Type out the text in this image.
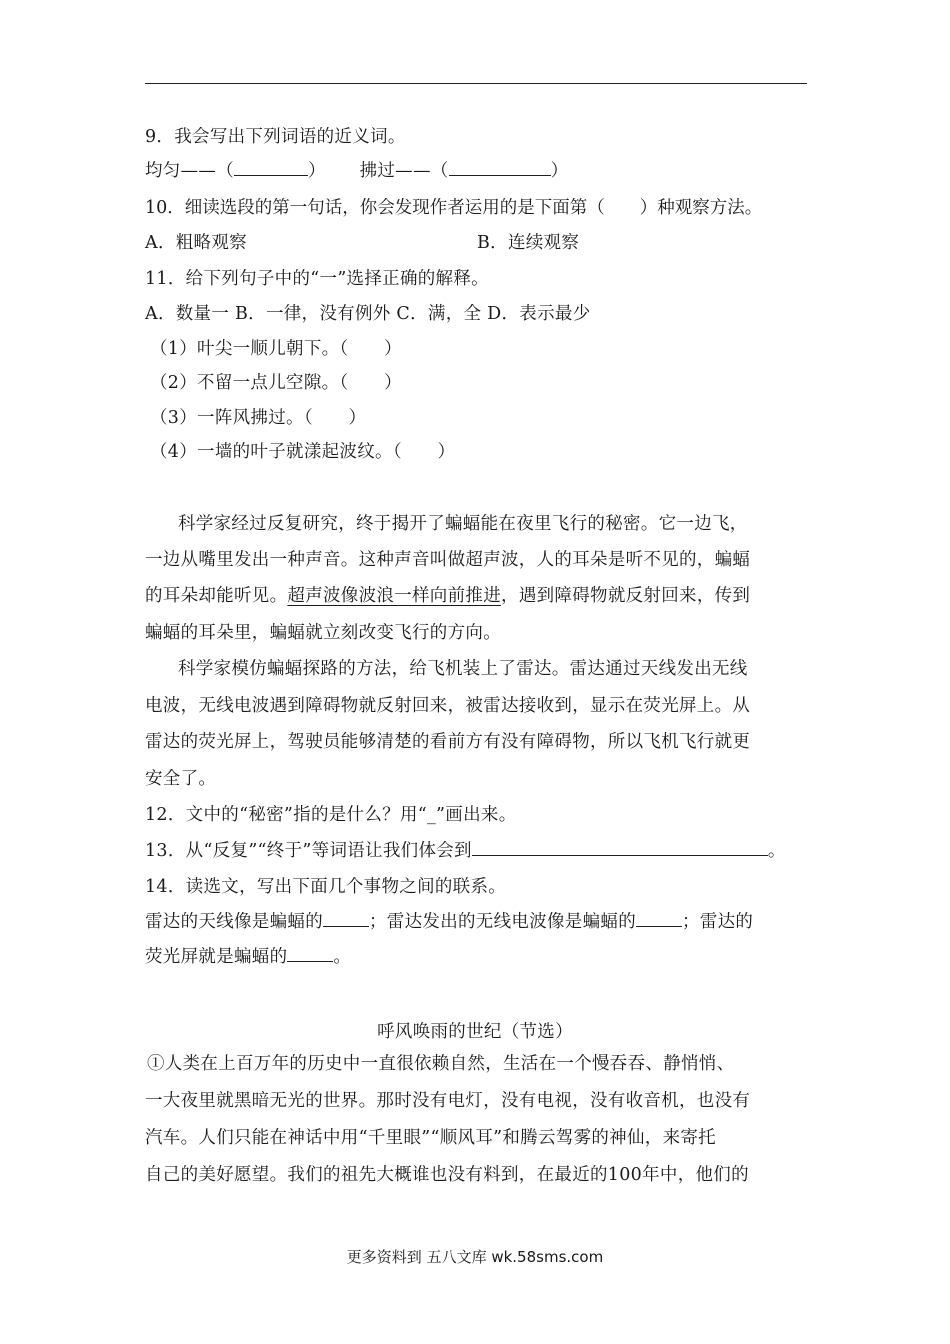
9．我会写出下列词语的近义词。
均匀——（	） 拂过——（	）
10．细读选段的第一句话，你会发现作者运用的是下面第（　　）种观察方法。
A．粗略观察	B．连续观察
11．给下列句子中的“一”选择正确的解释。
A．数量一 B．一律，没有例外 C．满，全 D．表示最少
（1）叶尖一顺儿朝下。（　　）
（2）不留一点儿空隙。（　　）
（3）一阵风拂过。（　　）
（4）一墙的叶子就漾起波纹。（　　）
科学家经过反复研究，终于揭开了蝙蝠能在夜里飞行的秘密。它一边飞，
一边从嘴里发出一种声音。这种声音叫做超声波，人的耳朵是听不见的，蝙蝠
的耳朵却能听见。超声波像波浪一样向前推进，遇到障碍物就反射回来，传到
蝙蝠的耳朵里，蝙蝠就立刻改变飞行的方向。
科学家模仿蝙蝠探路的方法，给飞机装上了雷达。雷达通过天线发出无线
电波，无线电波遇到障碍物就反射回来，被雷达接收到，显示在荧光屏上。从
雷达的荧光屏上，驾驶员能够清楚的看前方有没有障碍物，所以飞机飞行就更
安全了。
12．文中的“秘密”指的是什么？用“_”画出来。
13．从“反复”“终于”等词语让我们体会到	。
14．读选文，写出下面几个事物之间的联系。
雷达的天线像是蝙蝠的	；雷达发出的无线电波像是蝙蝠的	；雷达的
荧光屏就是蝙蝠的	。
呼风唤雨的世纪（节选）
①人类在上百万年的历史中一直很依赖自然，生活在一个慢吞吞、静悄悄、
一大夜里就黑暗无光的世界。那时没有电灯，没有电视，没有收音机，也没有
汽车。人们只能在神话中用“千里眼”“顺风耳”和腾云驾雾的神仙，来寄托
自己的美好愿望。我们的祖先大概谁也没有料到，在最近的100年中，他们的
更多资料到 五八文库 wk.58sms.com
